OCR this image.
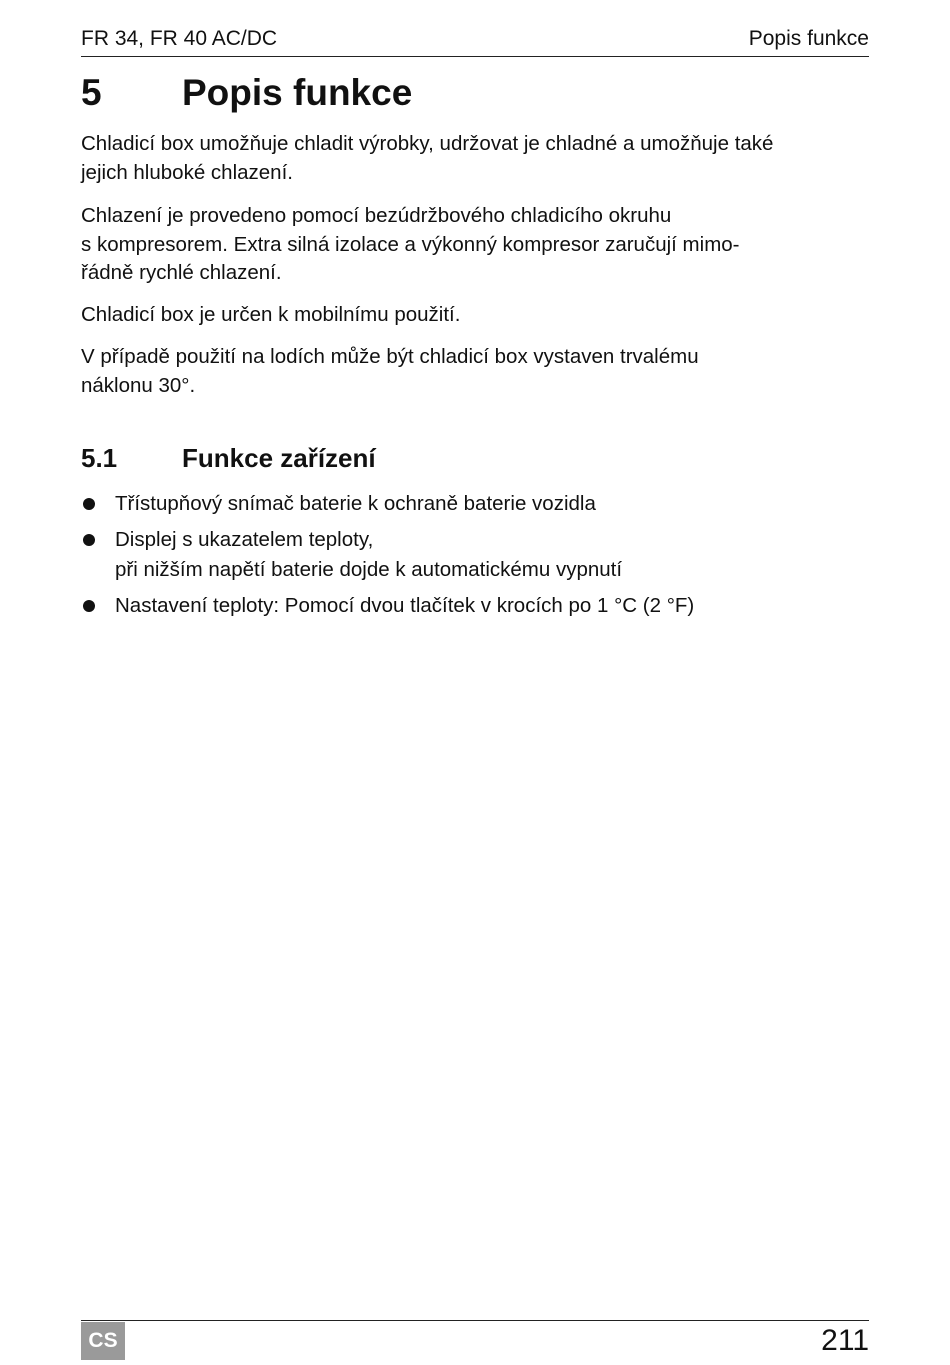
FR 34, FR 40 AC/DC	Popis funkce
5 Popis funkce

Chladicí box umožňuje chladit výrobky, udržovat je chladné a umožňuje také

jejich hluboké chlazení.

Chlazení je provedeno pomocí bezúdržbového chladicího okruhu

s kompresorem. Extra silná izolace a výkonný kompresor zaručují mimo-

řádně rychlé chlazení.

Chladicí box je určen k mobilnímu použití.

V případě použití na lodích může být chladicí box vystaven trvalému

náklonu 30°.

5.1 Funkce zařízení
Třístupňový snímač baterie k ochraně baterie vozidla
Displej s ukazatelem teploty,
při nižším napětí baterie dojde k automatickému vypnutí
Nastavení teploty: Pomocí dvou tlačítek v krocích po 1 °C (2 °F)
CS	211
